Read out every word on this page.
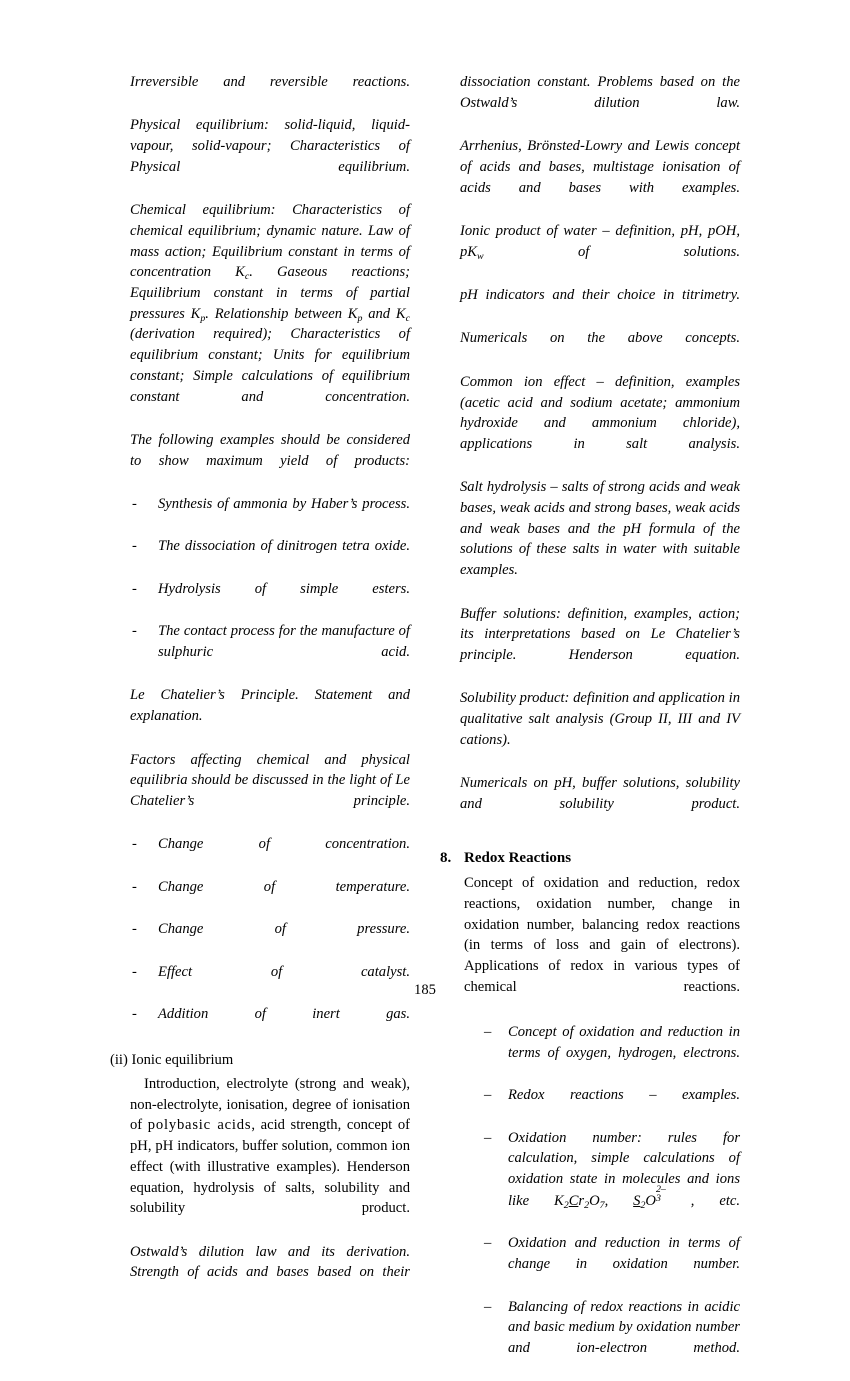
Irreversible and reversible reactions.

Physical equilibrium: solid-liquid, liquid-vapour, solid-vapour; Characteristics of Physical equilibrium.

Chemical equilibrium: Characteristics of chemical equilibrium; dynamic nature. Law of mass action; Equilibrium constant in terms of concentration $K_c$. Gaseous reactions; Equilibrium constant in terms of partial pressures $K_p$. Relationship between $K_p$ and $K_c$ (derivation required); Characteristics of equilibrium constant; Units for equilibrium constant; Simple calculations of equilibrium constant and concentration.

The following examples should be considered to show maximum yield of products:

- Synthesis of ammonia by Haber’s process.
- The dissociation of dinitrogen tetra oxide.
- Hydrolysis of simple esters.
- The contact process for the manufacture of sulphuric acid.

Le Chatelier’s Principle. Statement and explanation.

Factors affecting chemical and physical equilibria should be discussed in the light of Le Chatelier’s principle.

- Change of concentration.
- Change of temperature.
- Change of pressure.
- Effect of catalyst.
- Addition of inert gas.

(ii) Ionic equilibrium

Introduction, electrolyte (strong and weak), non-electrolyte, ionisation, degree of ionisation of polybasic acids, acid strength, concept of pH, pH indicators, buffer solution, common ion effect (with illustrative examples). Henderson equation, hydrolysis of salts, solubility and solubility product.

Ostwald’s dilution law and its derivation. Strength of acids and bases based on their

dissociation constant. Problems based on the Ostwald’s dilution law.

Arrhenius, Brönsted-Lowry and Lewis concept of acids and bases, multistage ionisation of acids and bases with examples.

Ionic product of water – definition, pH, pOH, $pK_w$ of solutions.

pH indicators and their choice in titrimetry.

Numericals on the above concepts.

Common ion effect – definition, examples (acetic acid and sodium acetate; ammonium hydroxide and ammonium chloride), applications in salt analysis.

Salt hydrolysis – salts of strong acids and weak bases, weak acids and strong bases, weak acids and weak bases and the pH formula of the solutions of these salts in water with suitable examples.

Buffer solutions: definition, examples, action; its interpretations based on Le Chatelier’s principle. Henderson equation.

Solubility product: definition and application in qualitative salt analysis (Group II, III and IV cations).

Numericals on pH, buffer solutions, solubility and solubility product.

8. Redox Reactions

Concept of oxidation and reduction, redox reactions, oxidation number, change in oxidation number, balancing redox reactions (in terms of loss and gain of electrons). Applications of redox in various types of chemical reactions.

– Concept of oxidation and reduction in terms of oxygen, hydrogen, electrons.
– Redox reactions – examples.
– Oxidation number: rules for calculation, simple calculations of oxidation state in molecules and ions like $K_2Cr_2O_7$, $S_2O$
2–
3 , etc.
– Oxidation and reduction in terms of change in oxidation number.
– Balancing of redox reactions in acidic and basic medium by oxidation number and ion-electron method.
185
